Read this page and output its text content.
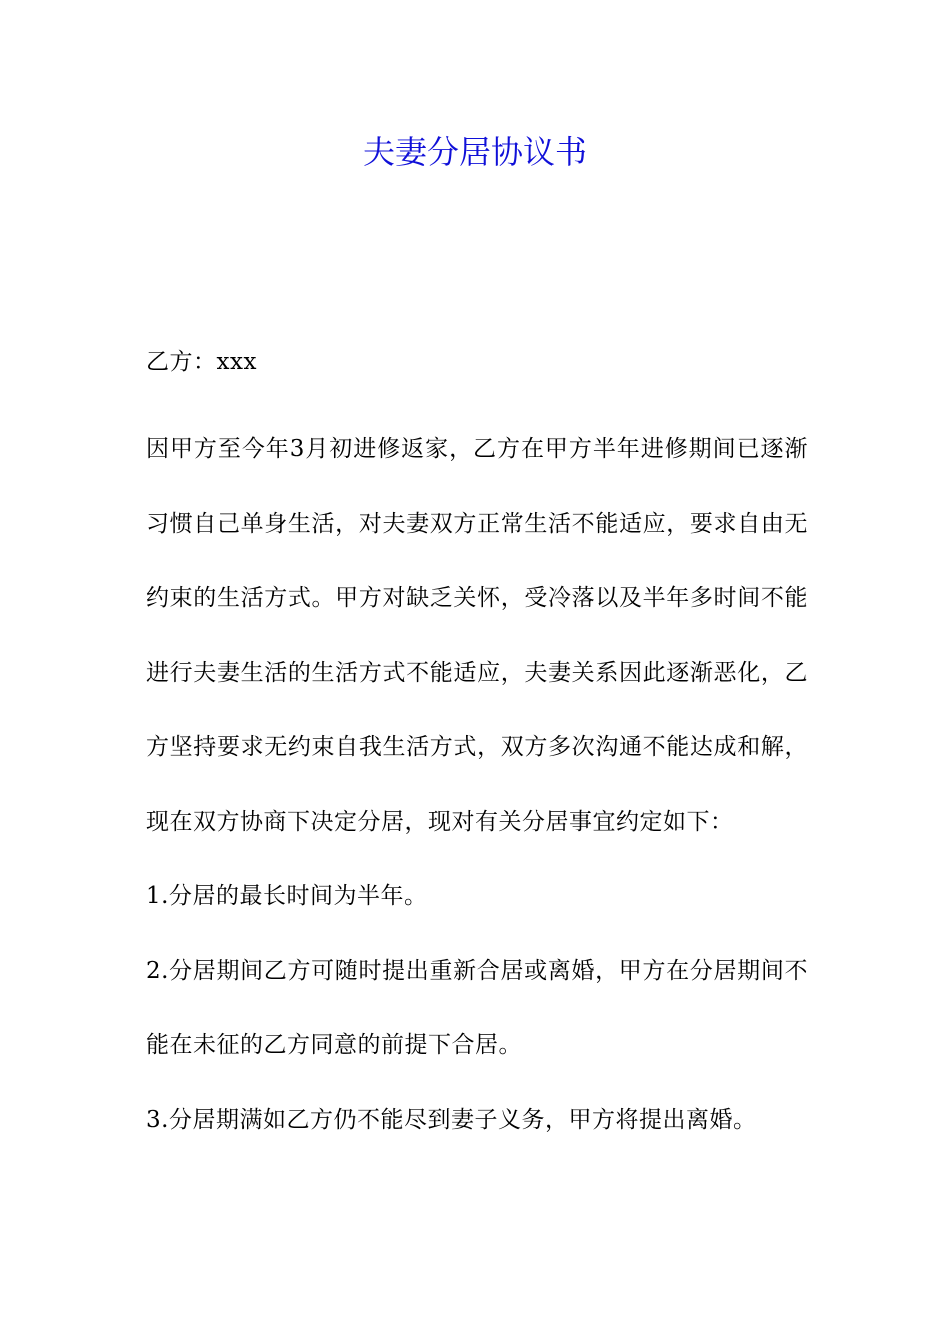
夫妻分居协议书
乙方：xxx

因甲方至今年3月初进修返家，乙方在甲方半年进修期间已逐渐习惯自己单身生活，对夫妻双方正常生活不能适应，要求自由无约束的生活方式。甲方对缺乏关怀，受冷落以及半年多时间不能进行夫妻生活的生活方式不能适应，夫妻关系因此逐渐恶化，乙方坚持要求无约束自我生活方式，双方多次沟通不能达成和解，现在双方协商下决定分居，现对有关分居事宜约定如下：

1.分居的最长时间为半年。

2.分居期间乙方可随时提出重新合居或离婚，甲方在分居期间不能在未征的乙方同意的前提下合居。

3.分居期满如乙方仍不能尽到妻子义务，甲方将提出离婚。
